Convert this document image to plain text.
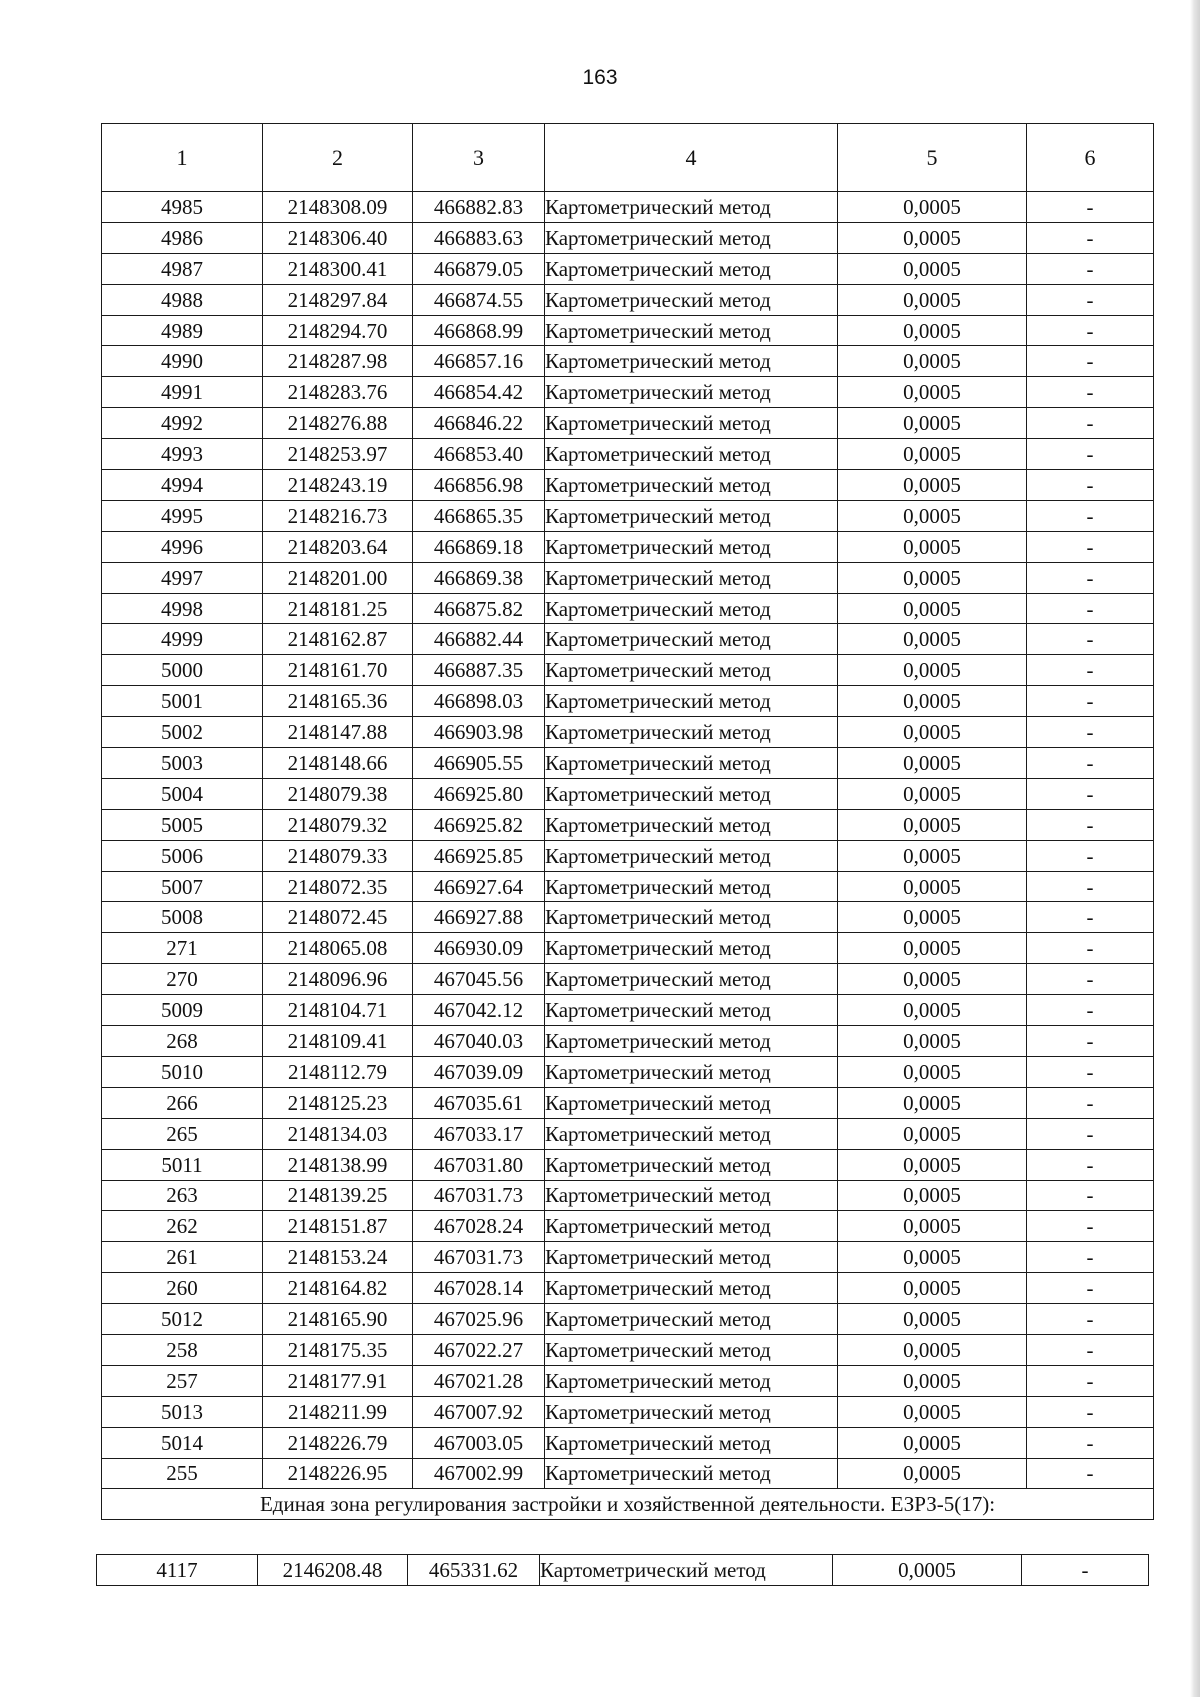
163
1	2	3	4	5	6
4985	2148308.09	466882.83	Картометрический метод	0,0005	-
4986	2148306.40	466883.63	Картометрический метод	0,0005	-
4987	2148300.41	466879.05	Картометрический метод	0,0005	-
4988	2148297.84	466874.55	Картометрический метод	0,0005	-
4989	2148294.70	466868.99	Картометрический метод	0,0005	-
4990	2148287.98	466857.16	Картометрический метод	0,0005	-
4991	2148283.76	466854.42	Картометрический метод	0,0005	-
4992	2148276.88	466846.22	Картометрический метод	0,0005	-
4993	2148253.97	466853.40	Картометрический метод	0,0005	-
4994	2148243.19	466856.98	Картометрический метод	0,0005	-
4995	2148216.73	466865.35	Картометрический метод	0,0005	-
4996	2148203.64	466869.18	Картометрический метод	0,0005	-
4997	2148201.00	466869.38	Картометрический метод	0,0005	-
4998	2148181.25	466875.82	Картометрический метод	0,0005	-
4999	2148162.87	466882.44	Картометрический метод	0,0005	-
5000	2148161.70	466887.35	Картометрический метод	0,0005	-
5001	2148165.36	466898.03	Картометрический метод	0,0005	-
5002	2148147.88	466903.98	Картометрический метод	0,0005	-
5003	2148148.66	466905.55	Картометрический метод	0,0005	-
5004	2148079.38	466925.80	Картометрический метод	0,0005	-
5005	2148079.32	466925.82	Картометрический метод	0,0005	-
5006	2148079.33	466925.85	Картометрический метод	0,0005	-
5007	2148072.35	466927.64	Картометрический метод	0,0005	-
5008	2148072.45	466927.88	Картометрический метод	0,0005	-
271	2148065.08	466930.09	Картометрический метод	0,0005	-
270	2148096.96	467045.56	Картометрический метод	0,0005	-
5009	2148104.71	467042.12	Картометрический метод	0,0005	-
268	2148109.41	467040.03	Картометрический метод	0,0005	-
5010	2148112.79	467039.09	Картометрический метод	0,0005	-
266	2148125.23	467035.61	Картометрический метод	0,0005	-
265	2148134.03	467033.17	Картометрический метод	0,0005	-
5011	2148138.99	467031.80	Картометрический метод	0,0005	-
263	2148139.25	467031.73	Картометрический метод	0,0005	-
262	2148151.87	467028.24	Картометрический метод	0,0005	-
261	2148153.24	467031.73	Картометрический метод	0,0005	-
260	2148164.82	467028.14	Картометрический метод	0,0005	-
5012	2148165.90	467025.96	Картометрический метод	0,0005	-
258	2148175.35	467022.27	Картометрический метод	0,0005	-
257	2148177.91	467021.28	Картометрический метод	0,0005	-
5013	2148211.99	467007.92	Картометрический метод	0,0005	-
5014	2148226.79	467003.05	Картометрический метод	0,0005	-
255	2148226.95	467002.99	Картометрический метод	0,0005	-
Единая зона регулирования застройки и хозяйственной деятельности. ЕЗРЗ-5(17):					
4117	2146208.48	465331.62	Картометрический метод	0,0005	-
